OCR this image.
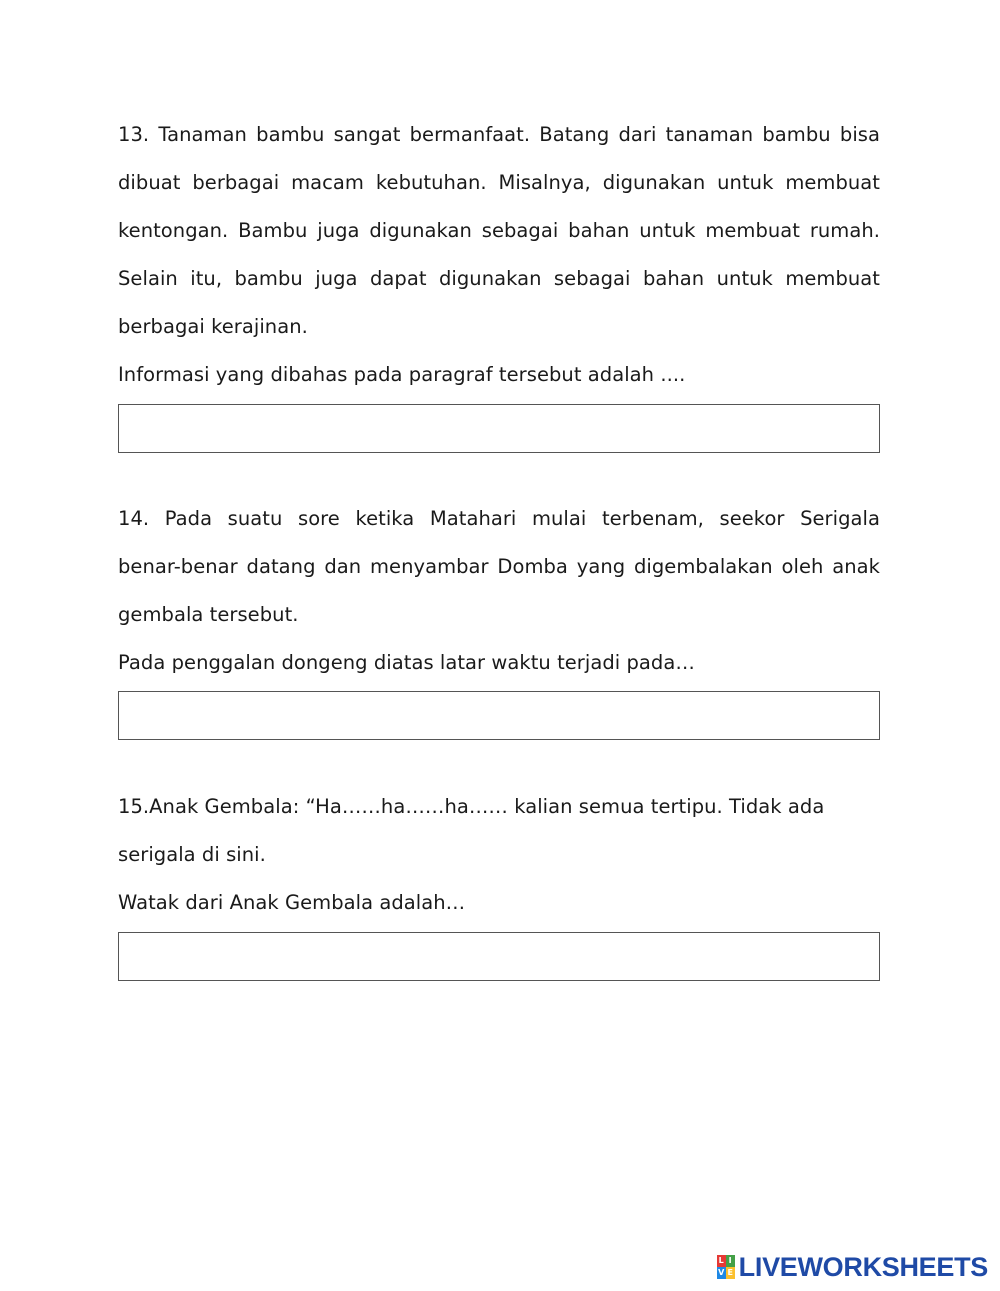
13. Tanaman bambu sangat bermanfaat. Batang dari tanaman bambu bisa
dibuat berbagai macam kebutuhan. Misalnya, digunakan untuk membuat
kentongan. Bambu juga digunakan sebagai bahan untuk membuat rumah.
Selain itu, bambu juga dapat digunakan sebagai bahan untuk membuat
berbagai kerajinan.
Informasi yang dibahas pada paragraf tersebut adalah ....
14. Pada suatu sore ketika Matahari mulai terbenam, seekor Serigala
benar-benar datang dan menyambar Domba yang digembalakan oleh anak
gembala tersebut.
Pada penggalan dongeng diatas latar waktu terjadi pada…
15.Anak Gembala: “Ha……ha……ha…… kalian semua tertipu. Tidak ada
serigala di sini.
Watak dari Anak Gembala adalah…
L I
V E LIVEWORKSHEETS
